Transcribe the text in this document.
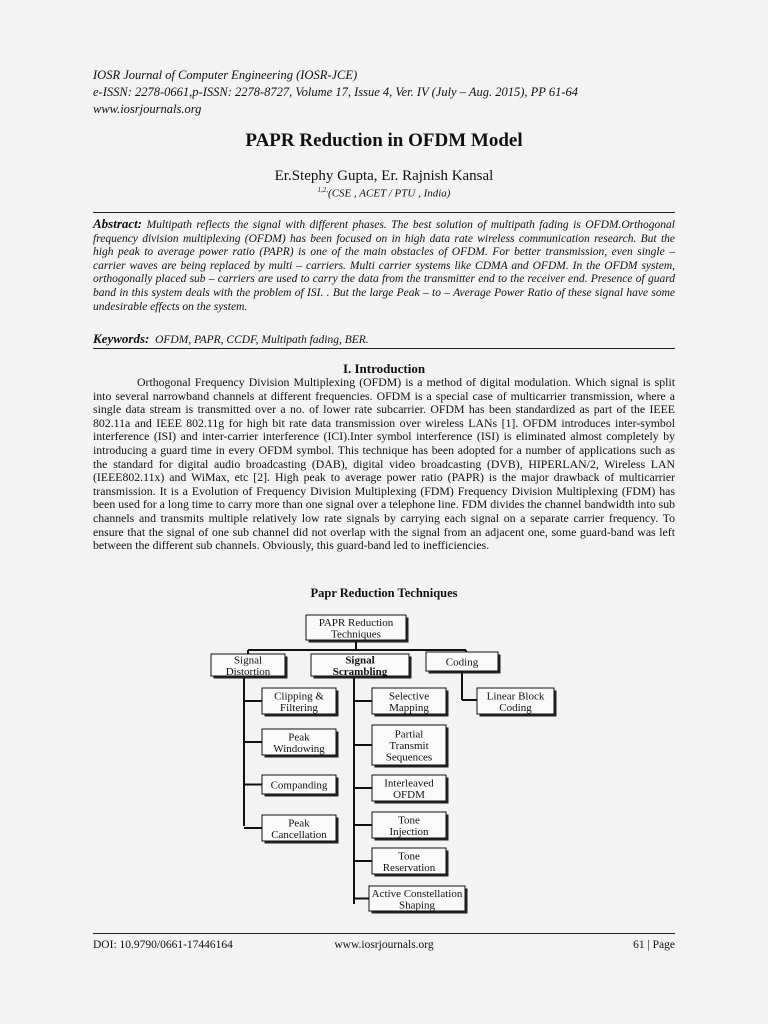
IOSR Journal of Computer Engineering (IOSR-JCE)
e-ISSN: 2278-0661,p-ISSN: 2278-8727, Volume 17, Issue 4, Ver. IV (July – Aug. 2015), PP 61-64
www.iosrjournals.org
PAPR Reduction in OFDM Model
Er.Stephy Gupta, Er. Rajnish Kansal
$^{1,2,}$(CSE , ACET / PTU , India)
Abstract: Multipath reflects the signal with different phases. The best solution of multipath fading is OFDM.Orthogonal frequency division multiplexing (OFDM) has been focused on in high data rate wireless communication research. But the high peak to average power ratio (PAPR) is one of the main obstacles of OFDM. For better transmission, even single – carrier waves are being replaced by multi – carriers. Multi carrier systems like CDMA and OFDM. In the OFDM system, orthogonally placed sub – carriers are used to carry the data from the transmitter end to the receiver end. Presence of guard band in this system deals with the problem of ISI. . But the large Peak – to – Average Power Ratio of these signal have some undesirable effects on the system.
Keywords: OFDM, PAPR, CCDF, Multipath fading, BER.
I. Introduction
Orthogonal Frequency Division Multiplexing (OFDM) is a method of digital modulation. Which signal is split into several narrowband channels at different frequencies. OFDM is a special case of multicarrier transmission, where a single data stream is transmitted over a no. of lower rate subcarrier. OFDM has been standardized as part of the IEEE 802.11a and IEEE 802.11g for high bit rate data transmission over wireless LANs [1]. OFDM introduces inter-symbol interference (ISI) and inter-carrier interference (ICI).Inter symbol interference (ISI) is eliminated almost completely by introducing a guard time in every OFDM symbol. This technique has been adopted for a number of applications such as the standard for digital audio broadcasting (DAB), digital video broadcasting (DVB), HIPERLAN/2, Wireless LAN (IEEE802.11x) and WiMax, etc [2]. High peak to average power ratio (PAPR) is the major drawback of multicarrier transmission. It is a Evolution of Frequency Division Multiplexing (FDM) Frequency Division Multiplexing (FDM) has been used for a long time to carry more than one signal over a telephone line. FDM divides the channel bandwidth into sub channels and transmits multiple relatively low rate signals by carrying each signal on a separate carrier frequency. To ensure that the signal of one sub channel did not overlap with the signal from an adjacent one, some guard-band was left between the different sub channels. Obviously, this guard-band led to inefficiencies.
Papr Reduction Techniques
PAPR Reduction
Techniques
Signal
Distortion
Signal
Scrambling
Coding
Clipping &
Filtering
Peak
Windowing
Companding
Peak
Cancellation
Selective
Mapping
Partial
Transmit
Sequences
Interleaved
OFDM
Tone
Injection
Tone
Reservation
Active Constellation
Shaping
Linear Block
Coding
DOI: 10.9790/0661-17446164	www.iosrjournals.org	61 | Page
